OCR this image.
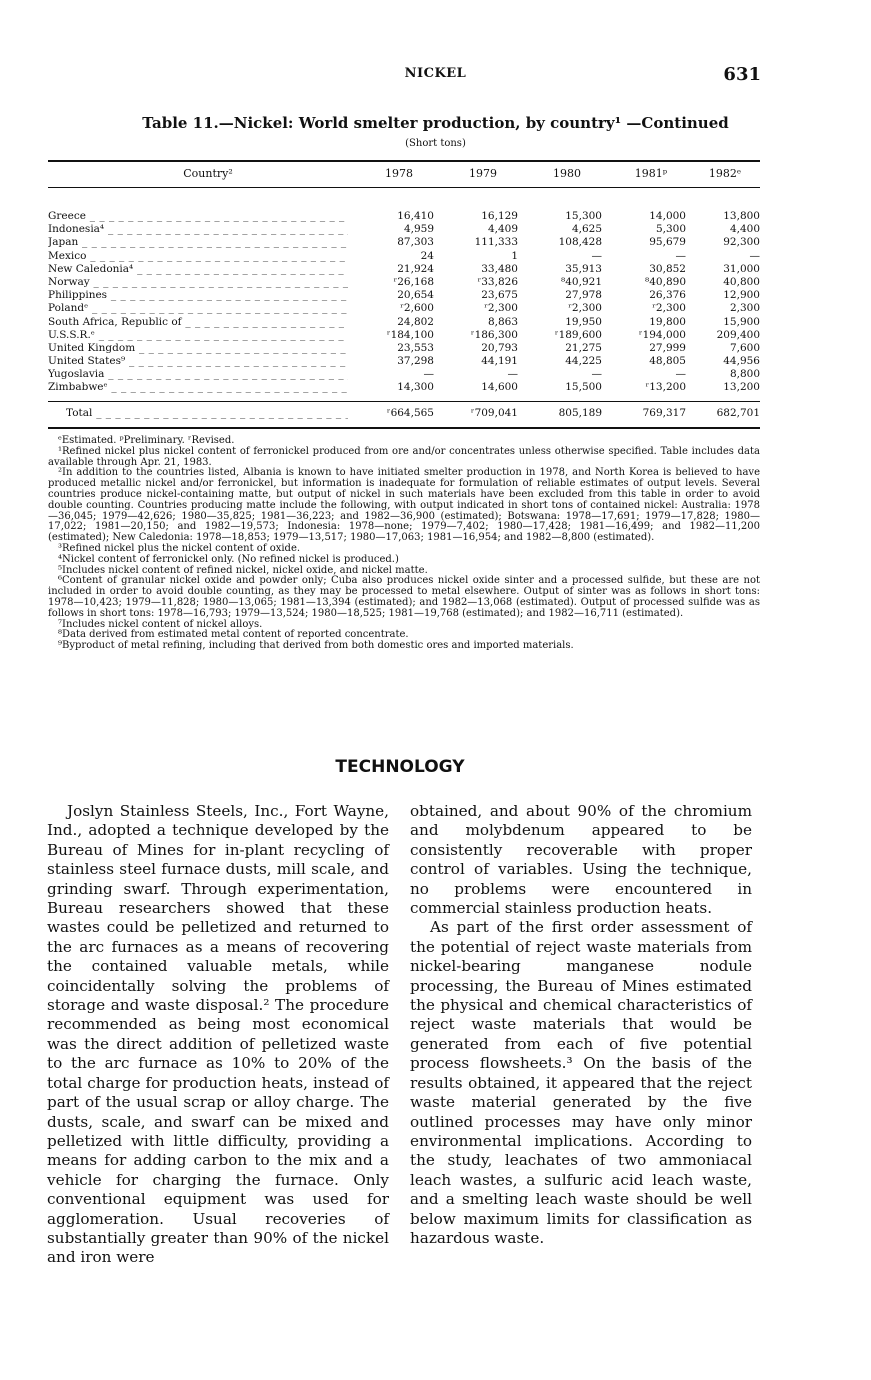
NICKEL	631
Table 11.—Nickel: World smelter production, by country¹ —Continued
(Short tons)
Country²	1978	1979	1980	1981ᵖ	1982ᵉ
Greece _ _ _	16,410	16,129	15,300	14,000	13,800
Indonesia⁴ _ _ _	4,959	4,409	4,625	5,300	4,400
Japan _ _ _	87,303	111,333	108,428	95,679	92,300
Mexico _ _ _	24	1	—	—	—
New Caledonia⁴ _ _ _	21,924	33,480	35,913	30,852	31,000
Norway _ _ _	ʳ26,168	ʳ33,826	⁸40,921	⁸40,890	40,800
Philippines _ _ _	20,654	23,675	27,978	26,376	12,900
Polandᵉ _ _ _	ʳ2,600	ʳ2,300	ʳ2,300	ʳ2,300	2,300
South Africa, Republic of _ _ _	24,802	8,863	19,950	19,800	15,900
U.S.S.R.ᵉ _ _ _	ʳ184,100	ʳ186,300	ʳ189,600	ʳ194,000	209,400
United Kingdom _ _ _	23,553	20,793	21,275	27,999	7,600
United States⁹ _ _ _	37,298	44,191	44,225	48,805	44,956
Yugoslavia _ _ _	—	—	—	—	8,800
Zimbabweᵉ _ _ _	14,300	14,600	15,500	ʳ13,200	13,200
Total _ _ _	ʳ664,565	ʳ709,041	805,189	769,317	682,701

ᵉEstimated. ᵖPreliminary. ʳRevised.

¹Refined nickel plus nickel content of ferronickel produced from ore and/or concentrates unless otherwise specified. Table includes data available through Apr. 21, 1983.

²In addition to the countries listed, Albania is known to have initiated smelter production in 1978, and North Korea is believed to have produced metallic nickel and/or ferronickel, but information is inadequate for formulation of reliable estimates of output levels. Several countries produce nickel-containing matte, but output of nickel in such materials have been excluded from this table in order to avoid double counting. Countries producing matte include the following, with output indicated in short tons of contained nickel: Australia: 1978—36,045; 1979—42,626; 1980—35,825; 1981—36,223; and 1982—36,900 (estimated); Botswana: 1978—17,691; 1979—17,828; 1980—17,022; 1981—20,150; and 1982—19,573; Indonesia: 1978—none; 1979—7,402; 1980—17,428; 1981—16,499; and 1982—11,200 (estimated); New Caledonia: 1978—18,853; 1979—13,517; 1980—17,063; 1981—16,954; and 1982—8,800 (estimated).

³Refined nickel plus the nickel content of oxide.

⁴Nickel content of ferronickel only. (No refined nickel is produced.)

⁵Includes nickel content of refined nickel, nickel oxide, and nickel matte.

⁶Content of granular nickel oxide and powder only; Cuba also produces nickel oxide sinter and a processed sulfide, but these are not included in order to avoid double counting, as they may be processed to metal elsewhere. Output of sinter was as follows in short tons: 1978—10,423; 1979—11,828; 1980—13,065; 1981—13,394 (estimated); and 1982—13,068 (estimated). Output of processed sulfide was as follows in short tons: 1978—16,793; 1979—13,524; 1980—18,525; 1981—19,768 (estimated); and 1982—16,711 (estimated).

⁷Includes nickel content of nickel alloys.

⁸Data derived from estimated metal content of reported concentrate.

⁹Byproduct of metal refining, including that derived from both domestic ores and imported materials.

TECHNOLOGY

Joslyn Stainless Steels, Inc., Fort Wayne, Ind., adopted a technique developed by the Bureau of Mines for in-plant recycling of stainless steel furnace dusts, mill scale, and grinding swarf. Through experimentation, Bureau researchers showed that these wastes could be pelletized and returned to the arc furnaces as a means of recovering the contained valuable metals, while coincidentally solving the problems of storage and waste disposal.² The procedure recommended as being most economical was the direct addition of pelletized waste to the arc furnace as 10% to 20% of the total charge for production heats, instead of part of the usual scrap or alloy charge. The dusts, scale, and swarf can be mixed and pelletized with little difficulty, providing a means for adding carbon to the mix and a vehicle for charging the furnace. Only conventional equipment was used for agglomeration. Usual recoveries of substantially greater than 90% of the nickel and iron were

obtained, and about 90% of the chromium and molybdenum appeared to be consistently recoverable with proper control of variables. Using the technique, no problems were encountered in commercial stainless production heats.

As part of the first order assessment of the potential of reject waste materials from nickel-bearing manganese nodule processing, the Bureau of Mines estimated the physical and chemical characteristics of reject waste materials that would be generated from each of five potential process flowsheets.³ On the basis of the results obtained, it appeared that the reject waste material generated by the five outlined processes may have only minor environmental implications. According to the study, leachates of two ammoniacal leach wastes, a sulfuric acid leach waste, and a smelting leach waste should be well below maximum limits for classification as hazardous waste.
